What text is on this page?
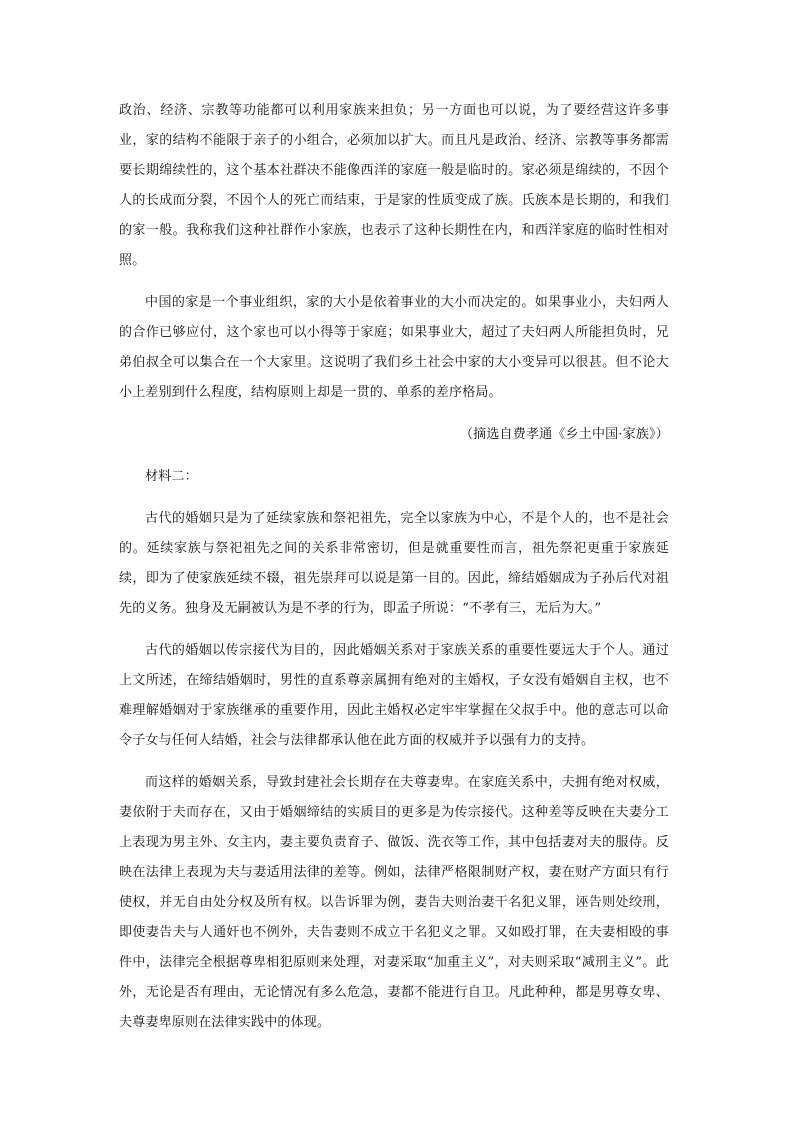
政治、经济、宗教等功能都可以利用家族来担负；另一方面也可以说，为了要经营这许多事业，家的结构不能限于亲子的小组合，必须加以扩大。而且凡是政治、经济、宗教等事务都需要长期绵续性的，这个基本社群决不能像西洋的家庭一般是临时的。家必须是绵续的，不因个人的长成而分裂，不因个人的死亡而结束，于是家的性质变成了族。氏族本是长期的，和我们的家一般。我称我们这种社群作小家族，也表示了这种长期性在内，和西洋家庭的临时性相对照。

中国的家是一个事业组织，家的大小是依着事业的大小而决定的。如果事业小，夫妇两人的合作已够应付，这个家也可以小得等于家庭；如果事业大，超过了夫妇两人所能担负时，兄弟伯叔全可以集合在一个大家里。这说明了我们乡土社会中家的大小变异可以很甚。但不论大小上差别到什么程度，结构原则上却是一贯的、单系的差序格局。

（摘选自费孝通《乡土中国·家族》）

材料二：

古代的婚姻只是为了延续家族和祭祀祖先，完全以家族为中心，不是个人的，也不是社会的。延续家族与祭祀祖先之间的关系非常密切，但是就重要性而言，祖先祭祀更重于家族延续，即为了使家族延续不辍，祖先崇拜可以说是第一目的。因此，缔结婚姻成为子孙后代对祖先的义务。独身及无嗣被认为是不孝的行为，即孟子所说：“不孝有三，无后为大。”

古代的婚姻以传宗接代为目的，因此婚姻关系对于家族关系的重要性要远大于个人。通过上文所述，在缔结婚姻时，男性的直系尊亲属拥有绝对的主婚权，子女没有婚姻自主权，也不难理解婚姻对于家族继承的重要作用，因此主婚权必定牢牢掌握在父叔手中。他的意志可以命令子女与任何人结婚，社会与法律都承认他在此方面的权威并予以强有力的支持。

而这样的婚姻关系，导致封建社会长期存在夫尊妻卑。在家庭关系中，夫拥有绝对权威，妻依附于夫而存在，又由于婚姻缔结的实质目的更多是为传宗接代。这种差等反映在夫妻分工上表现为男主外、女主内，妻主要负责育子、做饭、洗衣等工作，其中包括妻对夫的服侍。反映在法律上表现为夫与妻适用法律的差等。例如，法律严格限制财产权，妻在财产方面只有行使权，并无自由处分权及所有权。以告诉罪为例，妻告夫则治妻干名犯义罪，诬告则处绞刑，即使妻告夫与人通奸也不例外，夫告妻则不成立干名犯义之罪。又如殴打罪，在夫妻相殴的事件中，法律完全根据尊卑相犯原则来处理，对妻采取“加重主义”，对夫则采取“减刑主义”。此外，无论是否有理由，无论情况有多么危急，妻都不能进行自卫。凡此种种，都是男尊女卑、夫尊妻卑原则在法律实践中的体现。
